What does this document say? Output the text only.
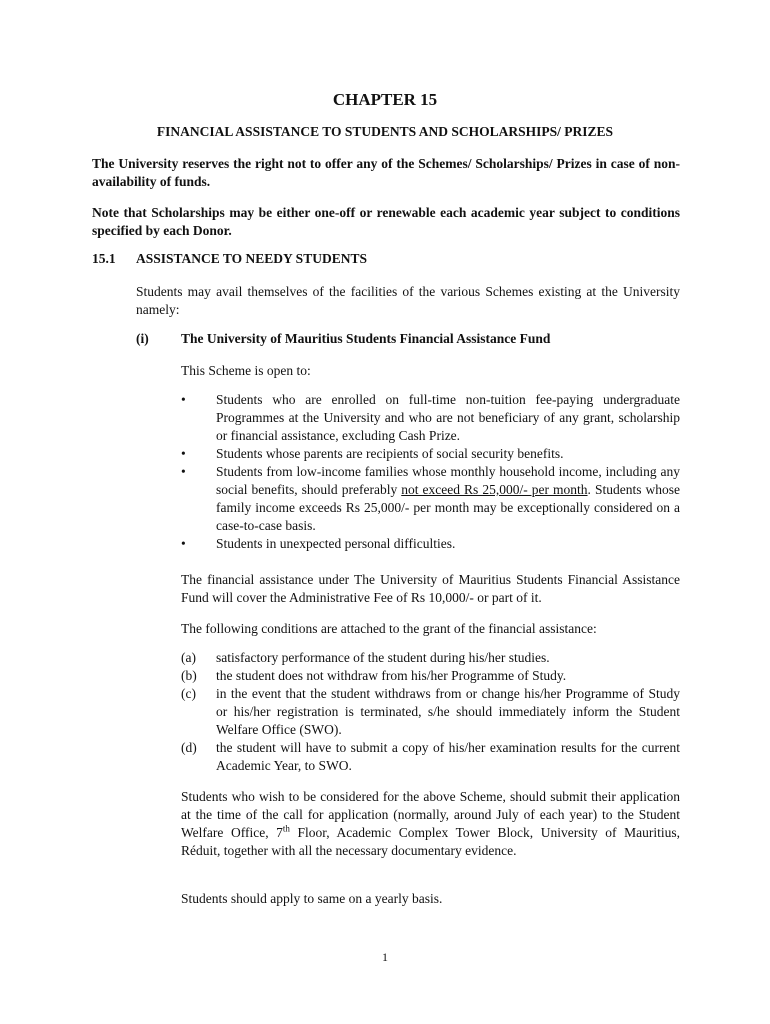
CHAPTER 15
FINANCIAL ASSISTANCE TO STUDENTS AND SCHOLARSHIPS/ PRIZES
The University reserves the right not to offer any of the Schemes/ Scholarships/ Prizes in case of non-availability of funds.
Note that Scholarships may be either one-off or renewable each academic year subject to conditions specified by each Donor.
15.1 ASSISTANCE TO NEEDY STUDENTS
Students may avail themselves of the facilities of the various Schemes existing at the University namely:
(i) The University of Mauritius Students Financial Assistance Fund
This Scheme is open to:
• Students who are enrolled on full-time non-tuition fee-paying undergraduate Programmes at the University and who are not beneficiary of any grant, scholarship or financial assistance, excluding Cash Prize.
• Students whose parents are recipients of social security benefits.
• Students from low-income families whose monthly household income, including any social benefits, should preferably not exceed Rs 25,000/- per month. Students whose family income exceeds Rs 25,000/- per month may be exceptionally considered on a case-to-case basis.
• Students in unexpected personal difficulties.
The financial assistance under The University of Mauritius Students Financial Assistance Fund will cover the Administrative Fee of Rs 10,000/- or part of it.
The following conditions are attached to the grant of the financial assistance:
(a) satisfactory performance of the student during his/her studies.
(b) the student does not withdraw from his/her Programme of Study.
(c) in the event that the student withdraws from or change his/her Programme of Study or his/her registration is terminated, s/he should immediately inform the Student Welfare Office (SWO).
(d) the student will have to submit a copy of his/her examination results for the current Academic Year, to SWO.
Students who wish to be considered for the above Scheme, should submit their application at the time of the call for application (normally, around July of each year) to the Student Welfare Office, 7th Floor, Academic Complex Tower Block, University of Mauritius, Réduit, together with all the necessary documentary evidence.
Students should apply to same on a yearly basis.
1
